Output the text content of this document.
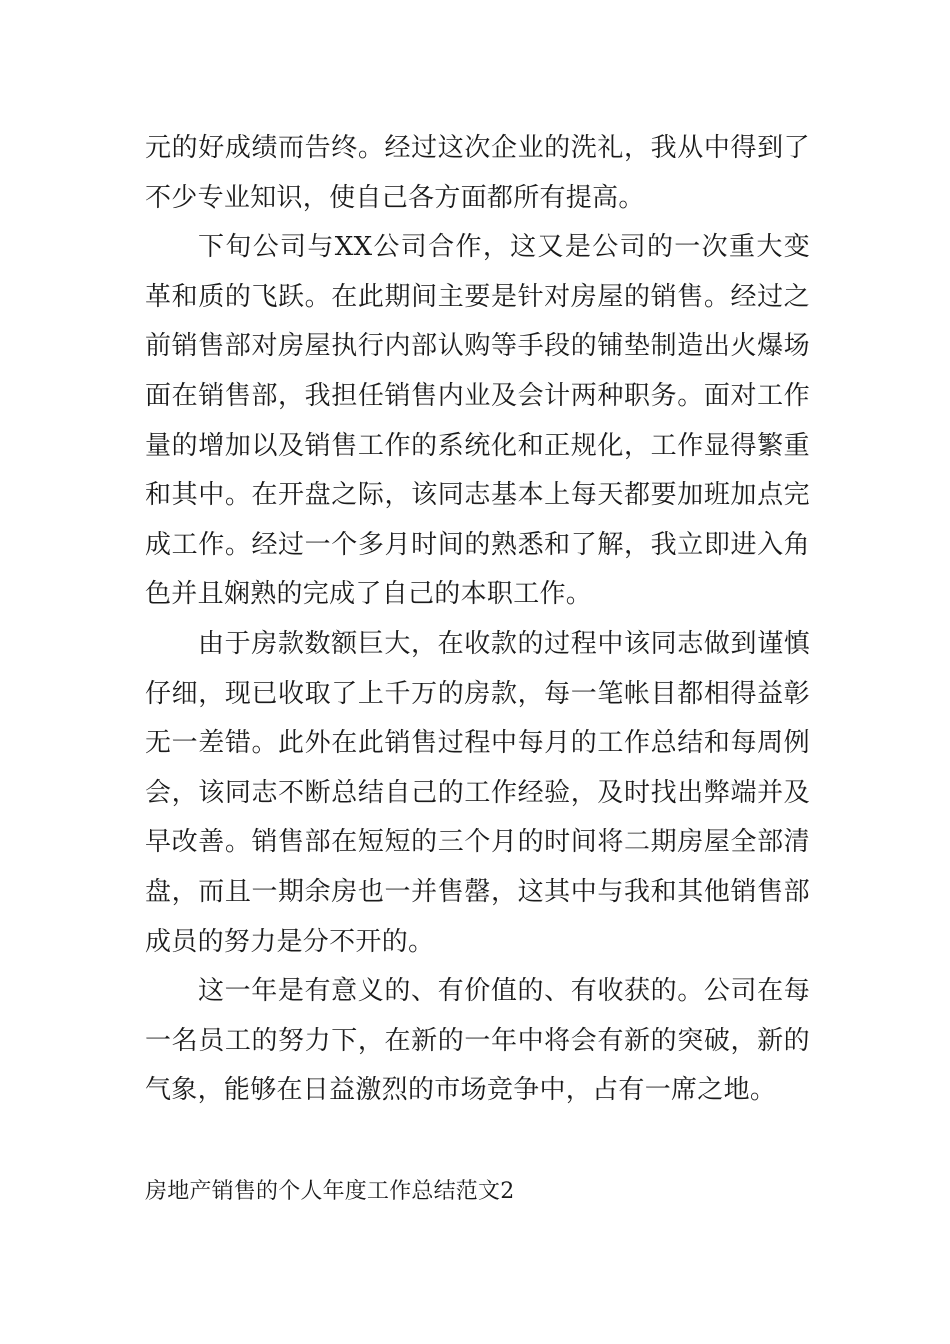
元的好成绩而告终。经过这次企业的洗礼，我从中得到了不少专业知识，使自己各方面都所有提高。

下旬公司与XX公司合作，这又是公司的一次重大变革和质的飞跃。在此期间主要是针对房屋的销售。经过之前销售部对房屋执行内部认购等手段的铺垫制造出火爆场面在销售部，我担任销售内业及会计两种职务。面对工作量的增加以及销售工作的系统化和正规化，工作显得繁重和其中。在开盘之际，该同志基本上每天都要加班加点完成工作。经过一个多月时间的熟悉和了解，我立即进入角色并且娴熟的完成了自己的本职工作。

由于房款数额巨大，在收款的过程中该同志做到谨慎仔细，现已收取了上千万的房款，每一笔帐目都相得益彰无一差错。此外在此销售过程中每月的工作总结和每周例会，该同志不断总结自己的工作经验，及时找出弊端并及早改善。销售部在短短的三个月的时间将二期房屋全部清盘，而且一期余房也一并售罄，这其中与我和其他销售部成员的努力是分不开的。

这一年是有意义的、有价值的、有收获的。公司在每一名员工的努力下，在新的一年中将会有新的突破，新的气象，能够在日益激烈的市场竞争中，占有一席之地。

房地产销售的个人年度工作总结范文2
